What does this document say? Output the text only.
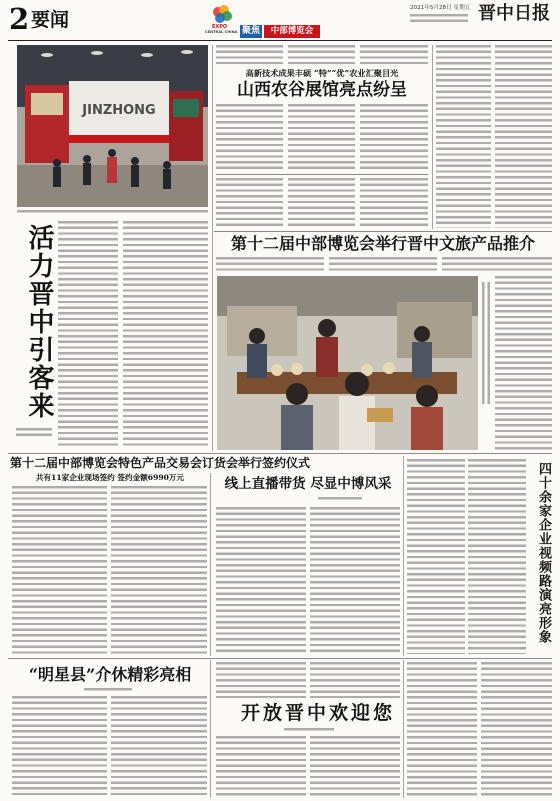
2 要闻	EXPO
CENTRAL CHINA 聚焦	中部博览会
2021年5月28日 星期五 晋中日报
JINZHONG
活力晋中引客来
高新技术成果丰硕 “特”“优”农业汇聚目光
山西农谷展馆亮点纷呈
第十二届中部博览会举行晋中文旅产品推介
第十二届中部博览会特色产品交易会订货会举行签约仪式
共有11家企业现场签约 签约金额6990万元	线上直播带货 尽显中博风采	四十余家企业视频路演亮形象
“明星县”介休精彩亮相
开放晋中欢迎您
